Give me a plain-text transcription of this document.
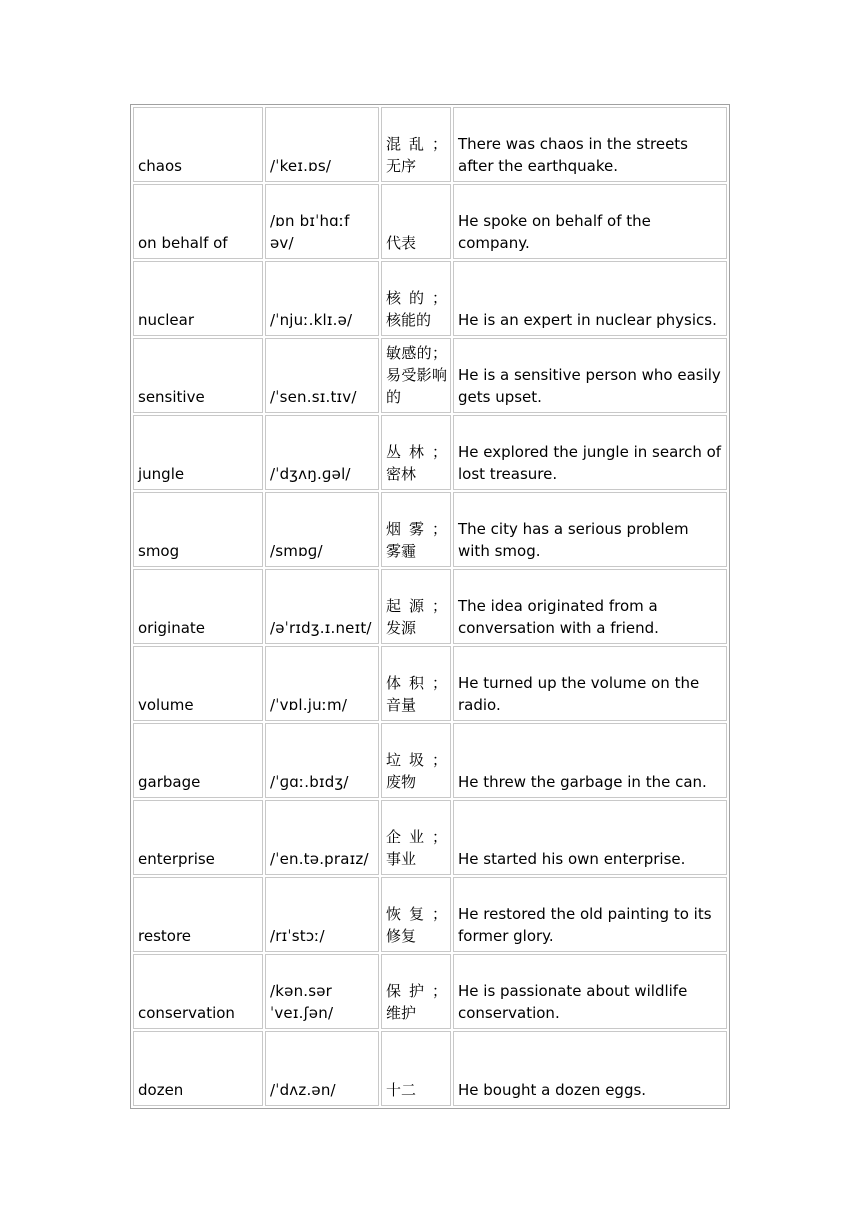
chaos	/ˈkeɪ.ɒs/	混乱； 无序	There was chaos in the streets after the earthquake.
on behalf of	/ɒn bɪˈhɑːf əv/	代表	He spoke on behalf of the company.
nuclear	/ˈnjuː.klɪ.ə/	核的； 核能的	He is an expert in nuclear physics.
sensitive	/ˈsen.sɪ.tɪv/	敏感的； 易受影响的	He is a sensitive person who easily gets upset.
jungle	/ˈdʒʌŋ.ɡəl/	丛林； 密林	He explored the jungle in search of lost treasure.
smog	/smɒɡ/	烟雾； 雾霾	The city has a serious problem with smog.
originate	/əˈrɪdʒ.ɪ.neɪt/	起源； 发源	The idea originated from a conversation with a friend.
volume	/ˈvɒl.juːm/	体积； 音量	He turned up the volume on the radio.
garbage	/ˈɡɑː.bɪdʒ/	垃圾； 废物	He threw the garbage in the can.
enterprise	/ˈen.tə.praɪz/	企业； 事业	He started his own enterprise.
restore	/rɪˈstɔː/	恢复； 修复	He restored the old painting to its former glory.
conservation	/kən.sərˈveɪ.ʃən/	保护； 维护	He is passionate about wildlife conservation.
dozen	/ˈdʌz.ən/	十二	He bought a dozen eggs.
